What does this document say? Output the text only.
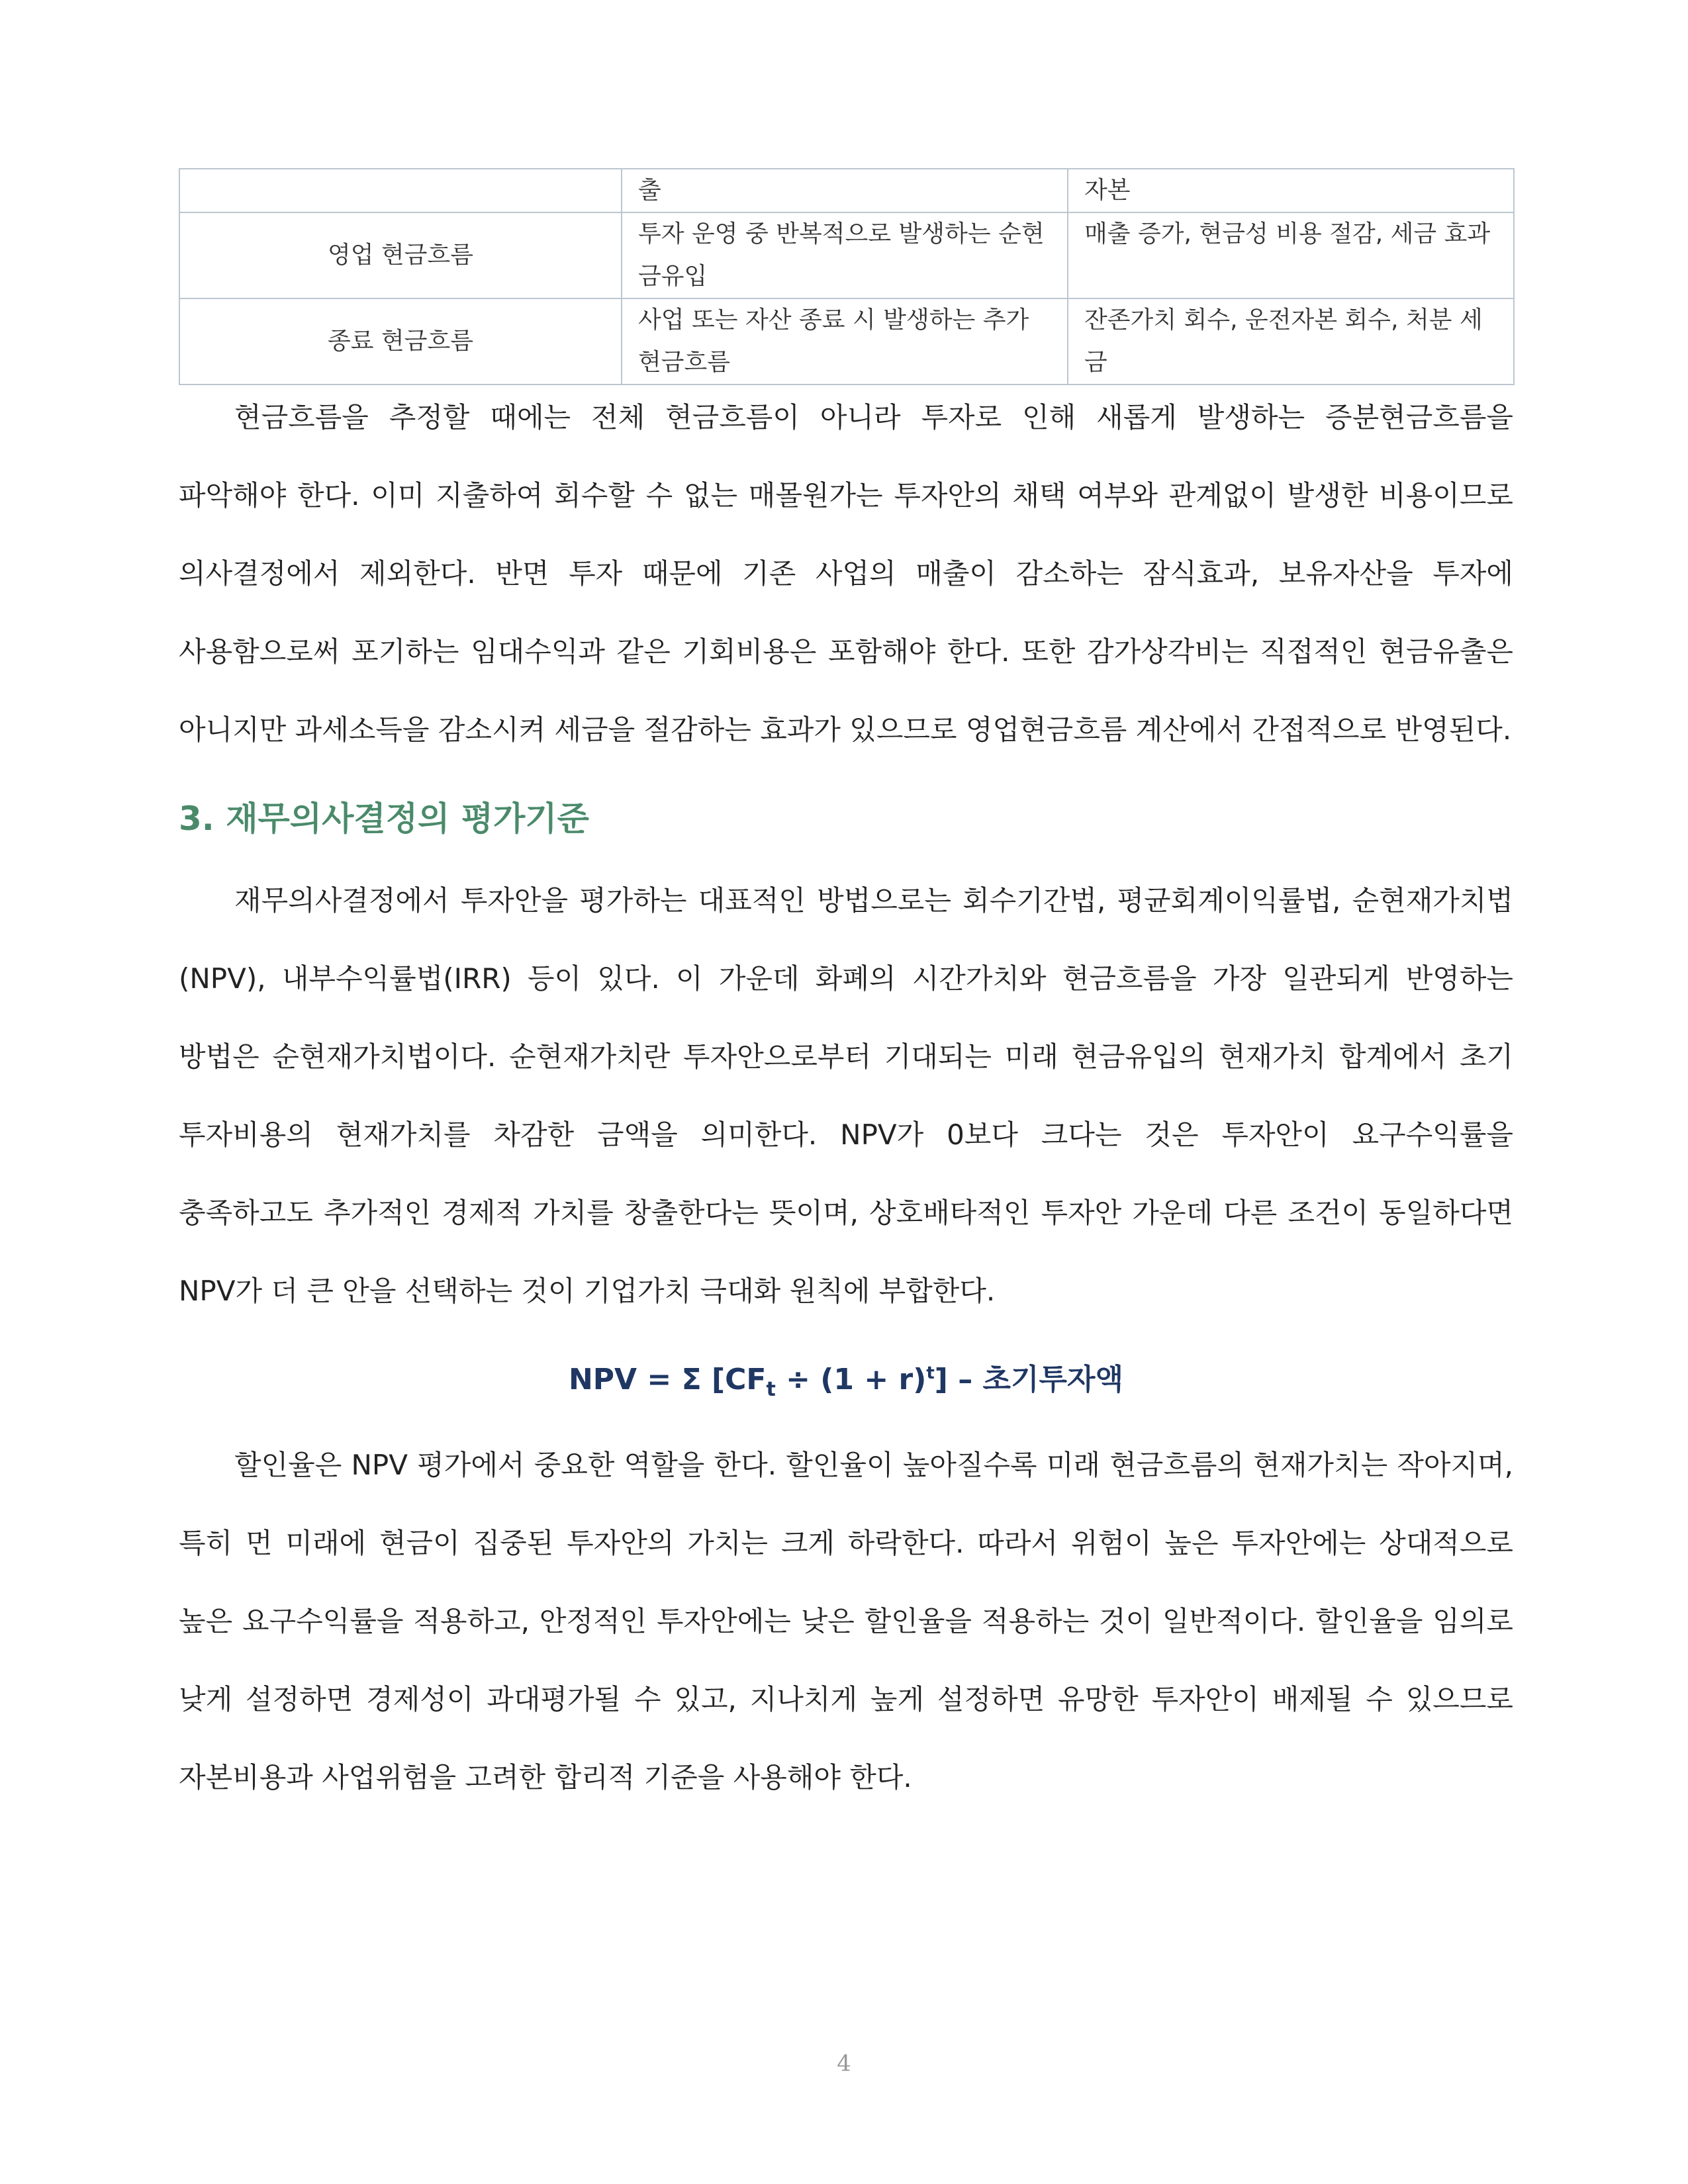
	출	자본
영업 현금흐름	투자 운영 중 반복적으로 발생하는 순현금유입	매출 증가, 현금성 비용 절감, 세금 효과
종료 현금흐름	사업 또는 자산 종료 시 발생하는 추가 현금흐름	잔존가치 회수, 운전자본 회수, 처분 세금

현금흐름을 추정할 때에는 전체 현금흐름이 아니라 투자로 인해 새롭게 발생하는 증분현금흐름을 파악해야 한다. 이미 지출하여 회수할 수 없는 매몰원가는 투자안의 채택 여부와 관계없이 발생한 비용이므로 의사결정에서 제외한다. 반면 투자 때문에 기존 사업의 매출이 감소하는 잠식효과, 보유자산을 투자에 사용함으로써 포기하는 임대수익과 같은 기회비용은 포함해야 한다. 또한 감가상각비는 직접적인 현금유출은 아니지만 과세소득을 감소시켜 세금을 절감하는 효과가 있으므로 영업현금흐름 계산에서 간접적으로 반영된다.

3. 재무의사결정의 평가기준

재무의사결정에서 투자안을 평가하는 대표적인 방법으로는 회수기간법, 평균회계이익률법, 순현재가치법(NPV), 내부수익률법(IRR) 등이 있다. 이 가운데 화폐의 시간가치와 현금흐름을 가장 일관되게 반영하는 방법은 순현재가치법이다. 순현재가치란 투자안으로부터 기대되는 미래 현금유입의 현재가치 합계에서 초기 투자비용의 현재가치를 차감한 금액을 의미한다. NPV가 0보다 크다는 것은 투자안이 요구수익률을 충족하고도 추가적인 경제적 가치를 창출한다는 뜻이며, 상호배타적인 투자안 가운데 다른 조건이 동일하다면 NPV가 더 큰 안을 선택하는 것이 기업가치 극대화 원칙에 부합한다.

NPV = Σ $[CF_t \div (1 + r)^t]$ – 초기투자액

할인율은 NPV 평가에서 중요한 역할을 한다. 할인율이 높아질수록 미래 현금흐름의 현재가치는 작아지며, 특히 먼 미래에 현금이 집중된 투자안의 가치는 크게 하락한다. 따라서 위험이 높은 투자안에는 상대적으로 높은 요구수익률을 적용하고, 안정적인 투자안에는 낮은 할인율을 적용하는 것이 일반적이다. 할인율을 임의로 낮게 설정하면 경제성이 과대평가될 수 있고, 지나치게 높게 설정하면 유망한 투자안이 배제될 수 있으므로 자본비용과 사업위험을 고려한 합리적 기준을 사용해야 한다.

4
